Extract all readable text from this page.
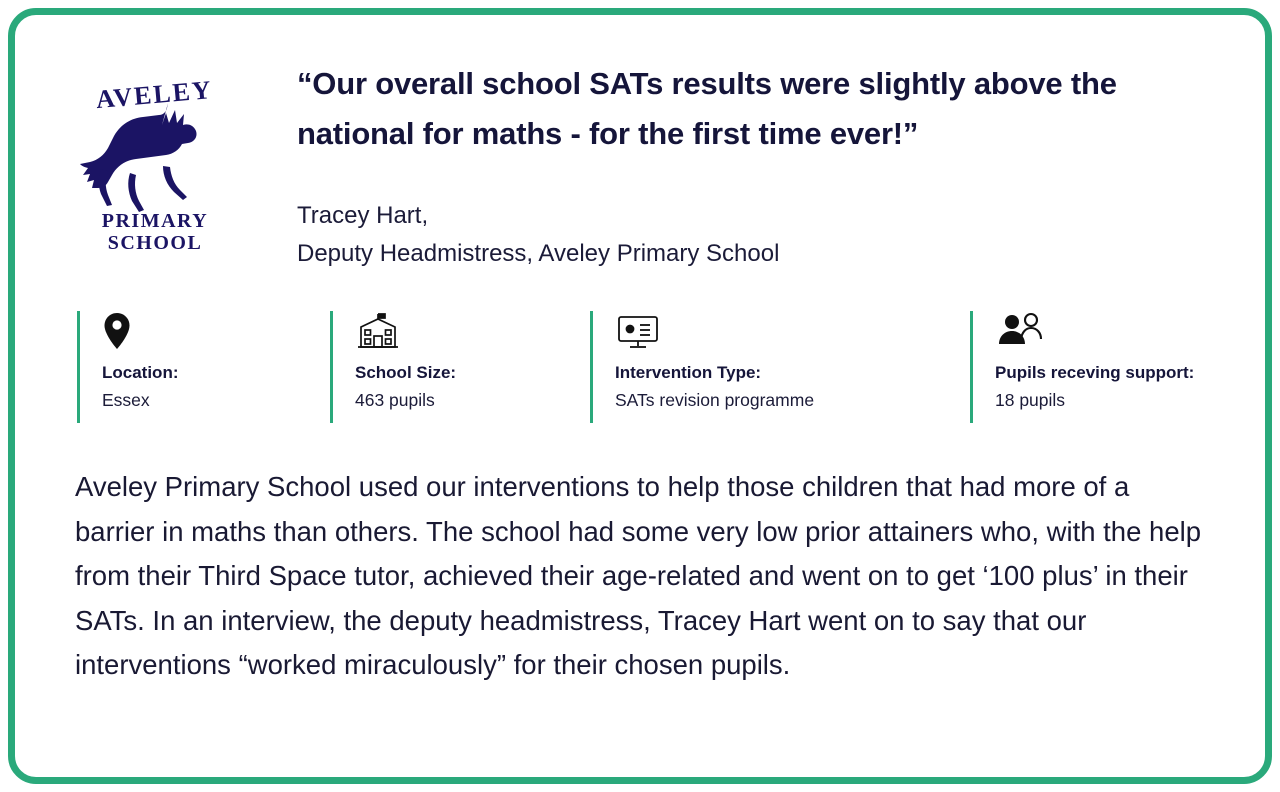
AVELEY
PRIMARY
SCHOOL
“Our overall school SATs results were slightly above the national for maths - for the first time ever!”
Tracey Hart,
Deputy Headmistress, Aveley Primary School
Location:
Essex
School Size:
463 pupils
Intervention Type:
SATs revision programme
Pupils receving support:
18 pupils
Aveley Primary School used our interventions to help those children that had more of a barrier in maths than others. The school had some very low prior attainers who, with the help from their Third Space tutor, achieved their age-related and went on to get ‘100 plus’ in their SATs. In an interview, the deputy headmistress, Tracey Hart went on to say that our interventions “worked miraculously” for their chosen pupils.
